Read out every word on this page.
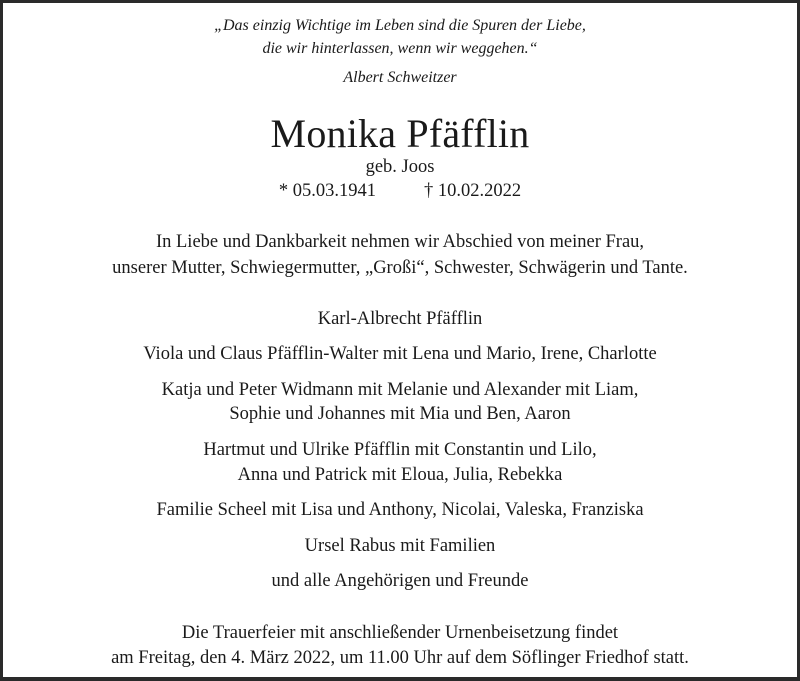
„Das einzig Wichtige im Leben sind die Spuren der Liebe,
die wir hinterlassen, wenn wir weggehen.“
Albert Schweitzer
Monika Pfäfflin
geb. Joos
* 05.03.1941	† 10.02.2022
In Liebe und Dankbarkeit nehmen wir Abschied von meiner Frau,
unserer Mutter, Schwiegermutter, „Großi“, Schwester, Schwägerin und Tante.
Karl-Albrecht Pfäfflin
Viola und Claus Pfäfflin-Walter mit Lena und Mario, Irene, Charlotte
Katja und Peter Widmann mit Melanie und Alexander mit Liam,
Sophie und Johannes mit Mia und Ben, Aaron
Hartmut und Ulrike Pfäfflin mit Constantin und Lilo,
Anna und Patrick mit Eloua, Julia, Rebekka
Familie Scheel mit Lisa und Anthony, Nicolai, Valeska, Franziska
Ursel Rabus mit Familien
und alle Angehörigen und Freunde
Die Trauerfeier mit anschließender Urnenbeisetzung findet
am Freitag, den 4. März 2022, um 11.00 Uhr auf dem Söflinger Friedhof statt.
